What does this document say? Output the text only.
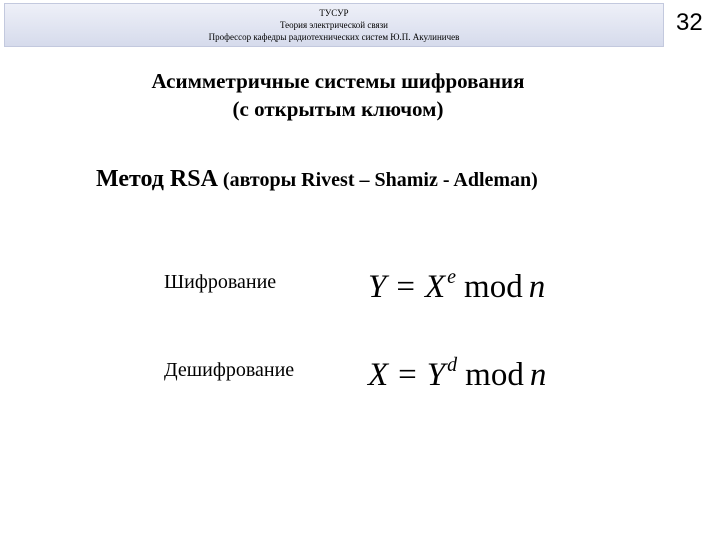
ТУСУР
Теория электрической связи
Профессор кафедры радиотехнических систем Ю.П. Акулиничев
32
Асимметричные системы шифрования
(с открытым ключом)
Метод RSA (авторы Rivest – Shamiz - Adleman)
Шифрование	Y = X $^e$ mod n
Дешифрование X = Y $^d$ mod n
